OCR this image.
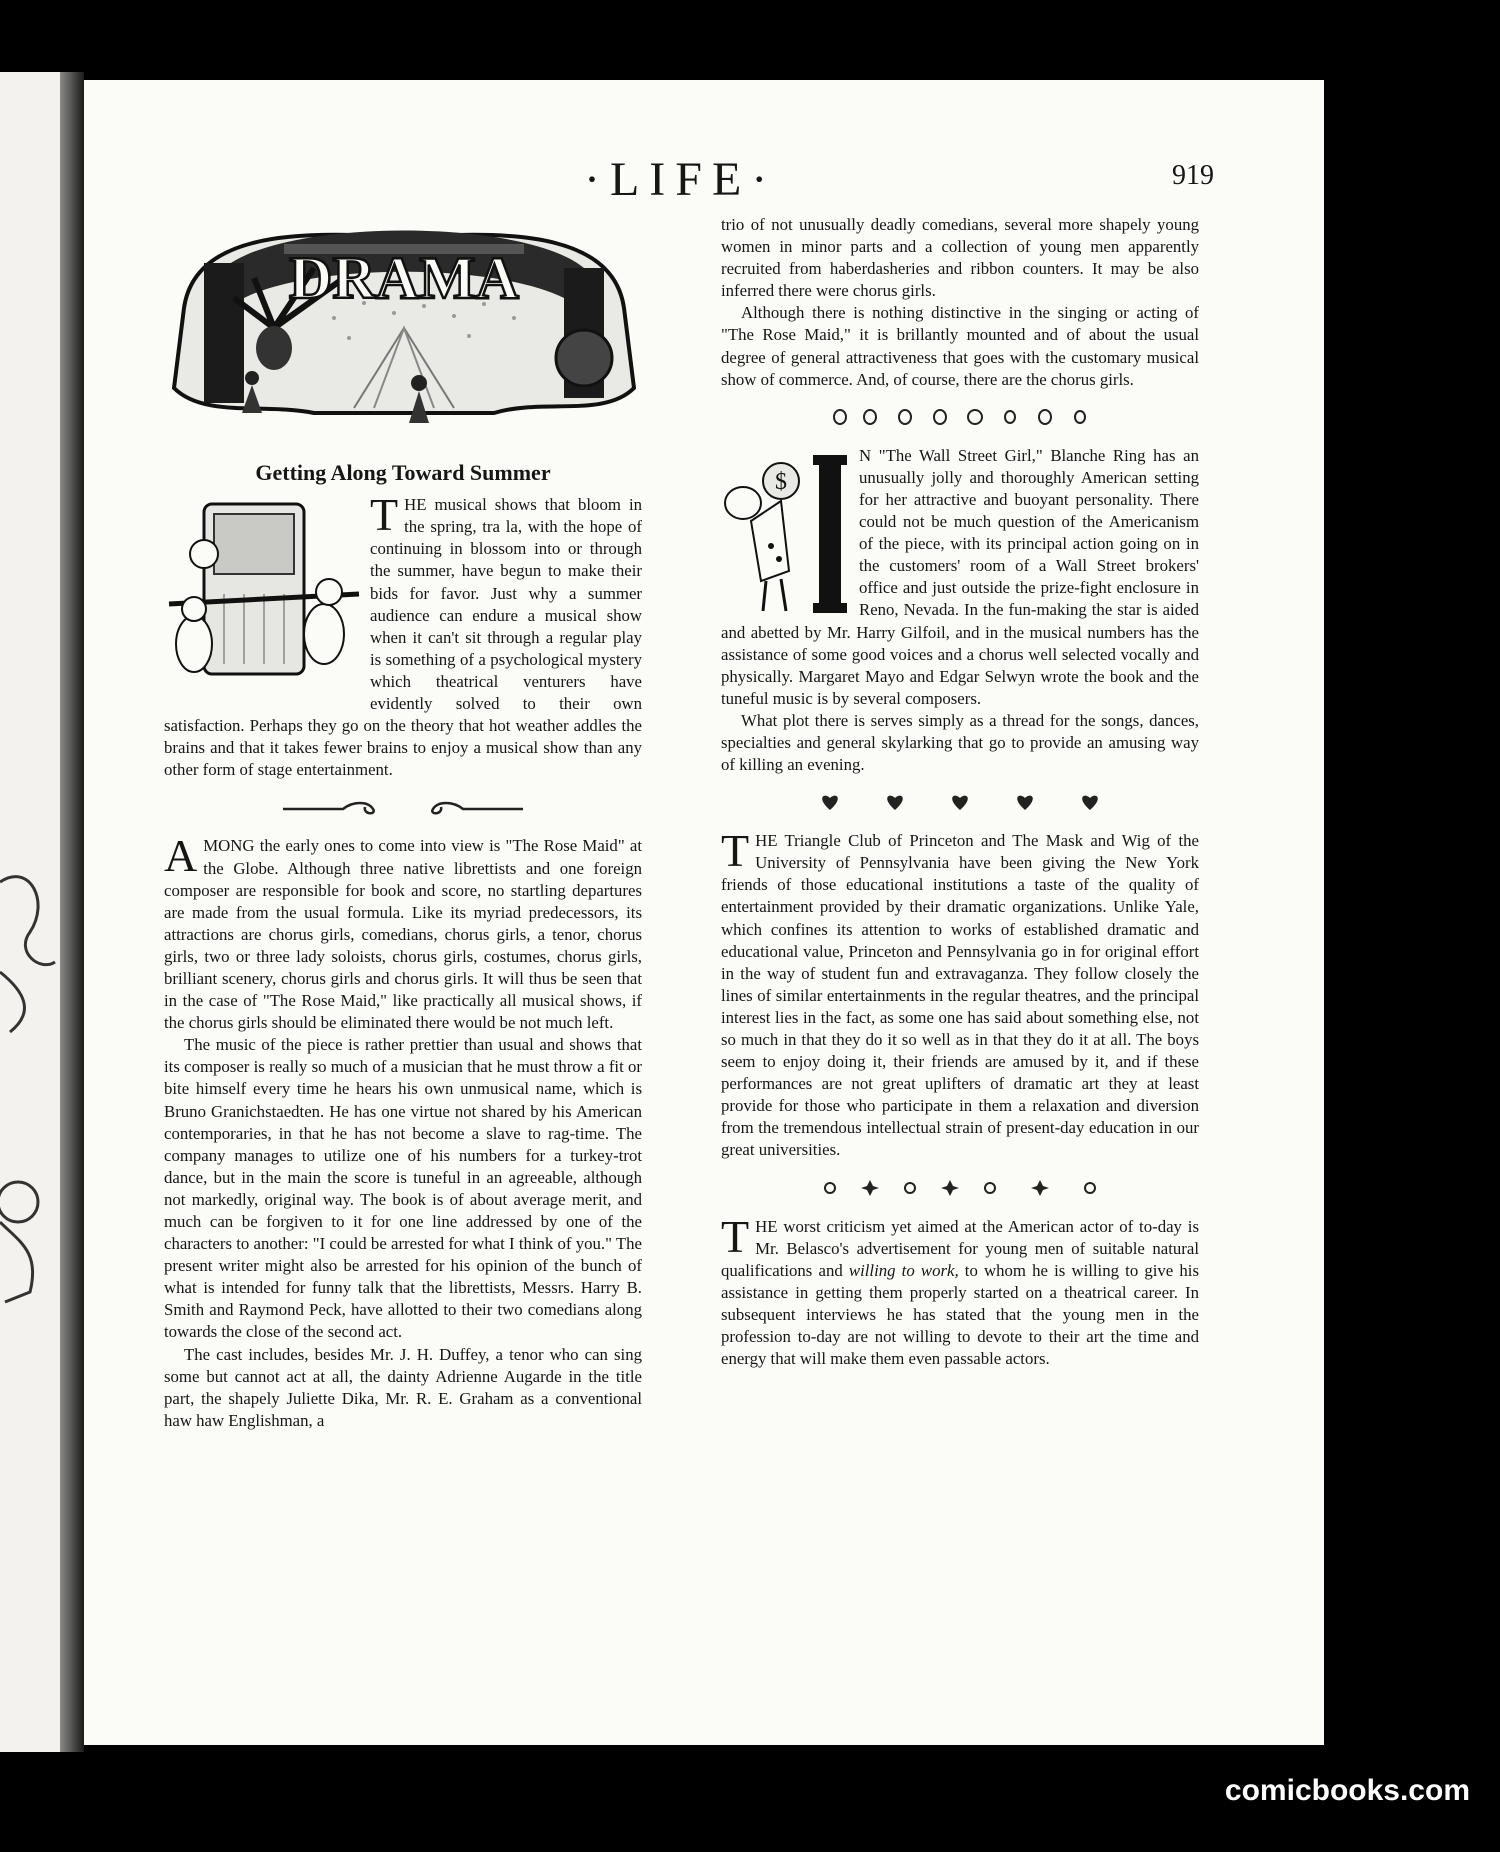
·LIFE·	919
DRAMA
Getting Along Toward Summer

THE musical shows that bloom in the spring, tra la, with the hope of continuing in blossom into or through the summer, have begun to make their bids for favor. Just why a summer audience can endure a musical show when it can't sit through a regular play is something of a psychological mystery which theatrical venturers have evidently solved to their own satisfaction. Perhaps they go on the theory that hot weather addles the brains and that it takes fewer brains to enjoy a musical show than any other form of stage entertainment.

AMONG the early ones to come into view is "The Rose Maid" at the Globe. Although three native librettists and one foreign composer are responsible for book and score, no startling departures are made from the usual formula. Like its myriad predecessors, its attractions are chorus girls, comedians, chorus girls, a tenor, chorus girls, two or three lady soloists, chorus girls, costumes, chorus girls, brilliant scenery, chorus girls and chorus girls. It will thus be seen that in the case of "The Rose Maid," like practically all musical shows, if the chorus girls should be eliminated there would be not much left.

The music of the piece is rather prettier than usual and shows that its composer is really so much of a musician that he must throw a fit or bite himself every time he hears his own unmusical name, which is Bruno Granichstaedten. He has one virtue not shared by his American contemporaries, in that he has not become a slave to rag-time. The company manages to utilize one of his numbers for a turkey-trot dance, but in the main the score is tuneful in an agreeable, although not markedly, original way. The book is of about average merit, and much can be forgiven to it for one line addressed by one of the characters to another: "I could be arrested for what I think of you." The present writer might also be arrested for his opinion of the bunch of what is intended for funny talk that the librettists, Messrs. Harry B. Smith and Raymond Peck, have allotted to their two comedians along towards the close of the second act.

The cast includes, besides Mr. J. H. Duffey, a tenor who can sing some but cannot act at all, the dainty Adrienne Augarde in the title part, the shapely Juliette Dika, Mr. R. E. Graham as a conventional haw haw Englishman, a

trio of not unusually deadly comedians, several more shapely young women in minor parts and a collection of young men apparently recruited from haberdasheries and ribbon counters. It may be also inferred there were chorus girls.

Although there is nothing distinctive in the singing or acting of "The Rose Maid," it is brillantly mounted and of about the usual degree of general attractiveness that goes with the customary musical show of commerce. And, of course, there are the chorus girls.

$
N "The Wall Street Girl," Blanche Ring has an unusually jolly and thoroughly American setting for her attractive and buoyant personality. There could not be much question of the Americanism of the piece, with its principal action going on in the customers' room of a Wall Street brokers' office and just outside the prize-fight enclosure in Reno, Nevada. In the fun-making the star is aided and abetted by Mr. Harry Gilfoil, and in the musical numbers has the assistance of some good voices and a chorus well selected vocally and physically. Margaret Mayo and Edgar Selwyn wrote the book and the tuneful music is by several composers.

What plot there is serves simply as a thread for the songs, dances, specialties and general skylarking that go to provide an amusing way of killing an evening.

THE Triangle Club of Princeton and The Mask and Wig of the University of Pennsylvania have been giving the New York friends of those educational institutions a taste of the quality of entertainment provided by their dramatic organizations. Unlike Yale, which confines its attention to works of established dramatic and educational value, Princeton and Pennsylvania go in for original effort in the way of student fun and extravaganza. They follow closely the lines of similar entertainments in the regular theatres, and the principal interest lies in the fact, as some one has said about something else, not so much in that they do it so well as in that they do it at all. The boys seem to enjoy doing it, their friends are amused by it, and if these performances are not great uplifters of dramatic art they at least provide for those who participate in them a relaxation and diversion from the tremendous intellectual strain of present-day education in our great universities.

THE worst criticism yet aimed at the American actor of to-day is Mr. Belasco's advertisement for young men of suitable natural qualifications and willing to work, to whom he is willing to give his assistance in getting them properly started on a theatrical career. In subsequent interviews he has stated that the young men in the profession to-day are not willing to devote to their art the time and energy that will make them even passable actors.

comicbooks.com
